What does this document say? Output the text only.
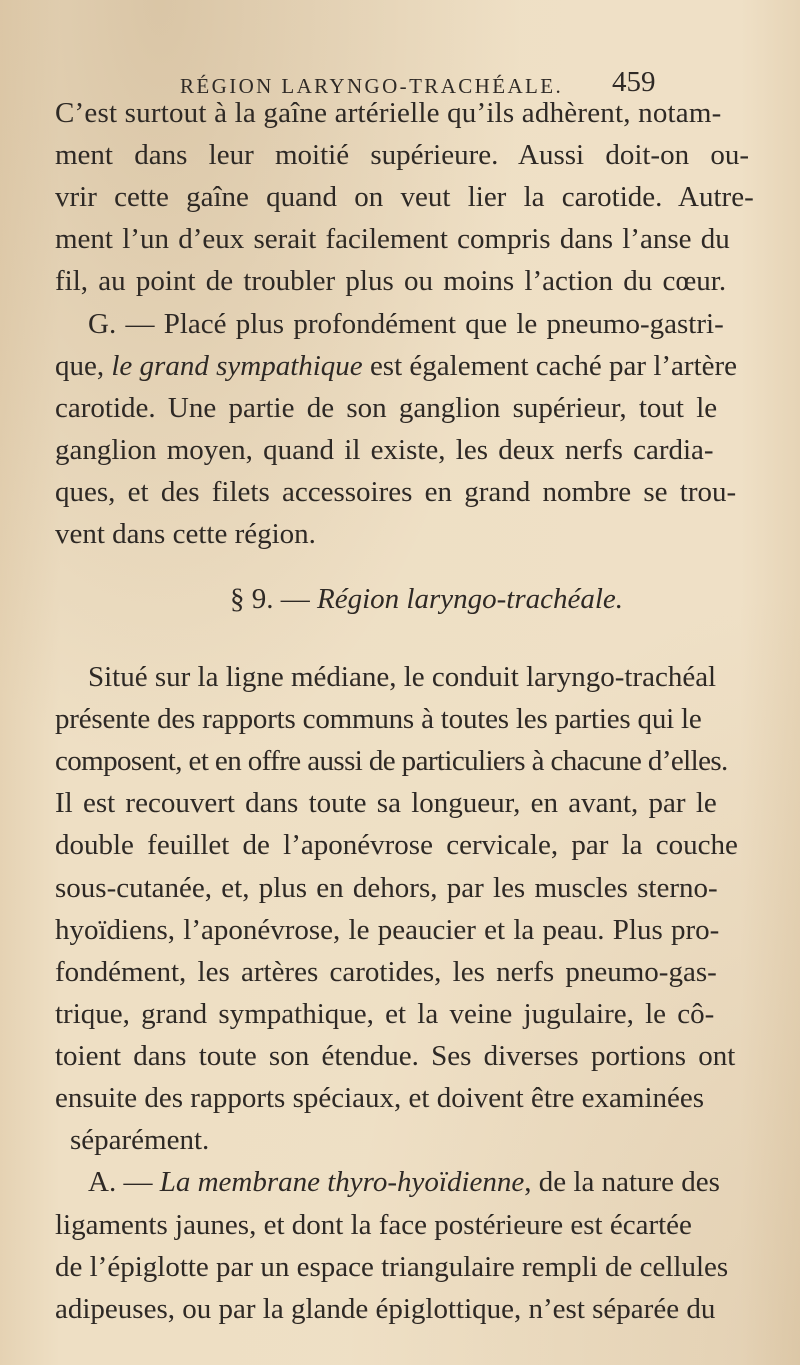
RÉGION LARYNGO-TRACHÉALE. 459
C’est surtout à la gaîne artérielle qu’ils adhèrent, notam-
ment dans leur moitié supérieure. Aussi doit-on ou-
vrir cette gaîne quand on veut lier la carotide. Autre-
ment l’un d’eux serait facilement compris dans l’anse du
fil, au point de troubler plus ou moins l’action du cœur.
G. — Placé plus profondément que le pneumo-gastri-
que, le grand sympathique est également caché par l’artère
carotide. Une partie de son ganglion supérieur, tout le
ganglion moyen, quand il existe, les deux nerfs cardia-
ques, et des filets accessoires en grand nombre se trou-
vent dans cette région.
§ 9. — Région laryngo-trachéale.
Situé sur la ligne médiane, le conduit laryngo-trachéal
présente des rapports communs à toutes les parties qui le
composent, et en offre aussi de particuliers à chacune d’elles.
Il est recouvert dans toute sa longueur, en avant, par le
double feuillet de l’aponévrose cervicale, par la couche
sous-cutanée, et, plus en dehors, par les muscles sterno-
hyoïdiens, l’aponévrose, le peaucier et la peau. Plus pro-
fondément, les artères carotides, les nerfs pneumo-gas-
trique, grand sympathique, et la veine jugulaire, le cô-
toient dans toute son étendue. Ses diverses portions ont
ensuite des rapports spéciaux, et doivent être examinées
séparément.
A. — La membrane thyro-hyoïdienne, de la nature des
ligaments jaunes, et dont la face postérieure est écartée
de l’épiglotte par un espace triangulaire rempli de cellules
adipeuses, ou par la glande épiglottique, n’est séparée du
